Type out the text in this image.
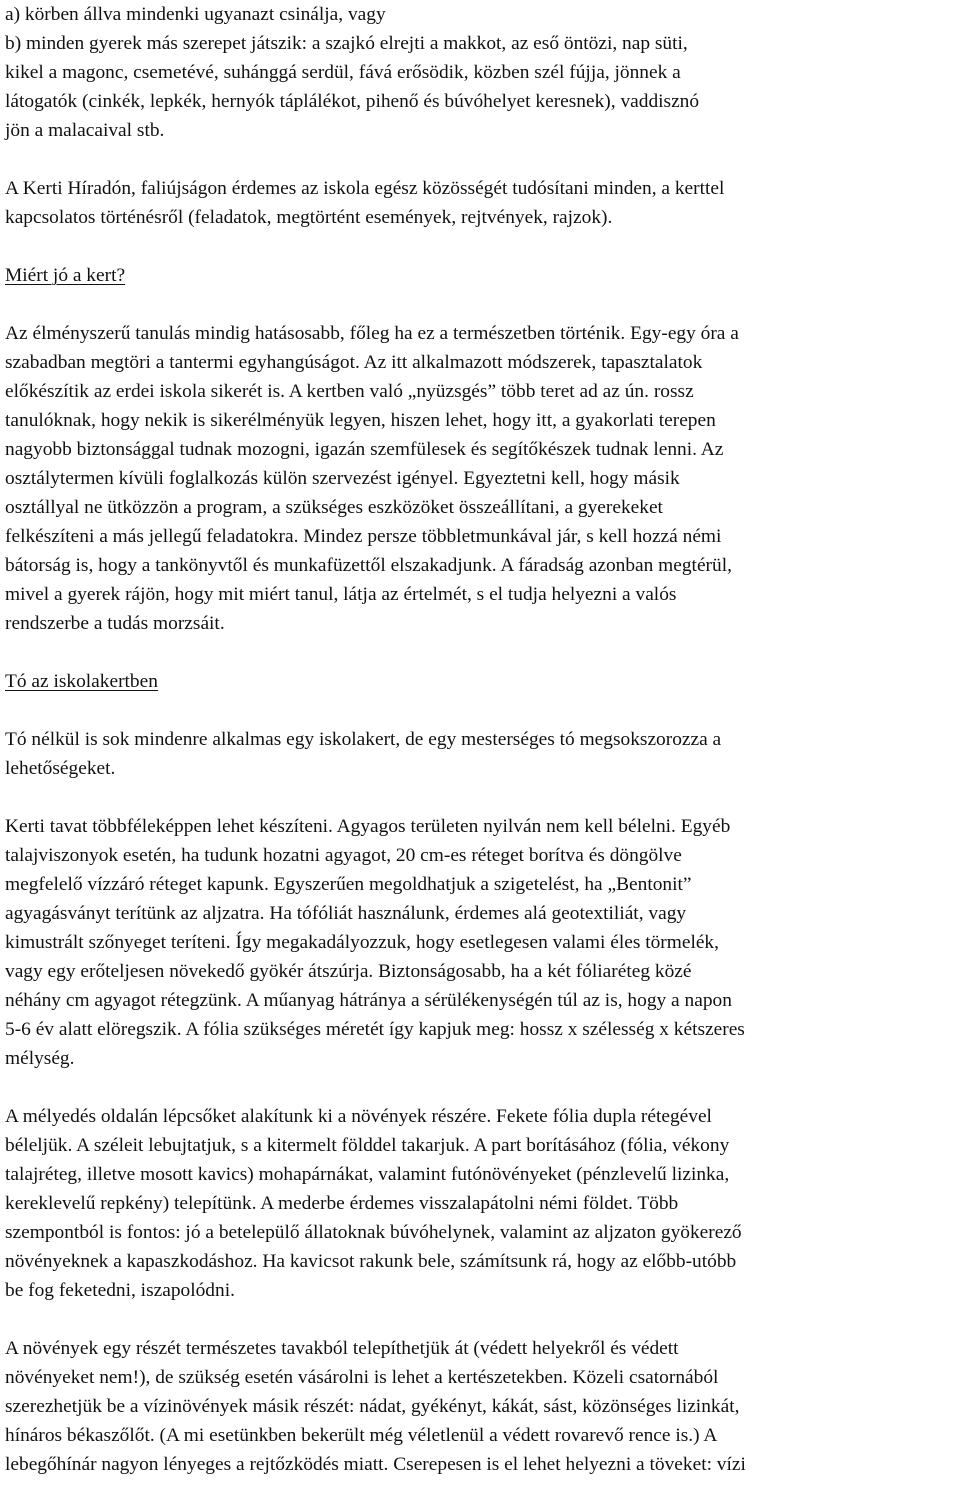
a) körben állva mindenki ugyanazt csinálja, vagy
b) minden gyerek más szerepet játszik: a szajkó elrejti a makkot, az eső öntözi, nap süti,
kikel a magonc, csemetévé, suhánggá serdül, fává erősödik, közben szél fújja, jönnek a
látogatók (cinkék, lepkék, hernyók táplálékot, pihenő és búvóhelyet keresnek), vaddisznó
jön a malacaival stb.
A Kerti Híradón, faliújságon érdemes az iskola egész közösségét tudósítani minden, a kerttel
kapcsolatos történésről (feladatok, megtörtént események, rejtvények, rajzok).
Miért jó a kert?
Az élményszerű tanulás mindig hatásosabb, főleg ha ez a természetben történik. Egy-egy óra a
szabadban megtöri a tantermi egyhangúságot. Az itt alkalmazott módszerek, tapasztalatok
előkészítik az erdei iskola sikerét is. A kertben való „nyüzsgés” több teret ad az ún. rossz
tanulóknak, hogy nekik is sikerélményük legyen, hiszen lehet, hogy itt, a gyakorlati terepen
nagyobb biztonsággal tudnak mozogni, igazán szemfülesek és segítőkészek tudnak lenni. Az
osztálytermen kívüli foglalkozás külön szervezést igényel. Egyeztetni kell, hogy másik
osztállyal ne ütközzön a program, a szükséges eszközöket összeállítani, a gyerekeket
felkészíteni a más jellegű feladatokra. Mindez persze többletmunkával jár, s kell hozzá némi
bátorság is, hogy a tankönyvtől és munkafüzettől elszakadjunk. A fáradság azonban megtérül,
mivel a gyerek rájön, hogy mit miért tanul, látja az értelmét, s el tudja helyezni a valós
rendszerbe a tudás morzsáit.
Tó az iskolakertben
Tó nélkül is sok mindenre alkalmas egy iskolakert, de egy mesterséges tó megsokszorozza a
lehetőségeket.
Kerti tavat többféleképpen lehet készíteni. Agyagos területen nyilván nem kell bélelni. Egyéb
talajviszonyok esetén, ha tudunk hozatni agyagot, 20 cm-es réteget borítva és döngölve
megfelelő vízzáró réteget kapunk. Egyszerűen megoldhatjuk a szigetelést, ha „Bentonit”
agyagásványt terítünk az aljzatra. Ha tófóliát használunk, érdemes alá geotextiliát, vagy
kimustrált szőnyeget teríteni. Így megakadályozzuk, hogy esetlegesen valami éles törmelék,
vagy egy erőteljesen növekedő gyökér átszúrja. Biztonságosabb, ha a két fóliaréteg közé
néhány cm agyagot rétegzünk. A műanyag hátránya a sérülékenységén túl az is, hogy a napon
5-6 év alatt elöregszik. A fólia szükséges méretét így kapjuk meg: hossz x szélesség x kétszeres
mélység.
A mélyedés oldalán lépcsőket alakítunk ki a növények részére. Fekete fólia dupla rétegével
béleljük. A széleit lebujtatjuk, s a kitermelt földdel takarjuk. A part borításához (fólia, vékony
talajréteg, illetve mosott kavics) mohapárnákat, valamint futónövényeket (pénzlevelű lizinka,
kereklevelű repkény) telepítünk. A mederbe érdemes visszalapátolni némi földet. Több
szempontból is fontos: jó a betelepülő állatoknak búvóhelynek, valamint az aljzaton gyökerező
növényeknek a kapaszkodáshoz. Ha kavicsot rakunk bele, számítsunk rá, hogy az előbb-utóbb
be fog feketedni, iszapolódni.
A növények egy részét természetes tavakból telepíthetjük át (védett helyekről és védett
növényeket nem!), de szükség esetén vásárolni is lehet a kertészetekben. Közeli csatornából
szerezhetjük be a vízinövények másik részét: nádat, gyékényt, kákát, sást, közönséges lizinkát,
hínáros békaszőlőt. (A mi esetünkben bekerült még véletlenül a védett rovarevő rence is.) A
lebegőhínár nagyon lényeges a rejtőzködés miatt. Cserepesen is el lehet helyezni a töveket: vízi
